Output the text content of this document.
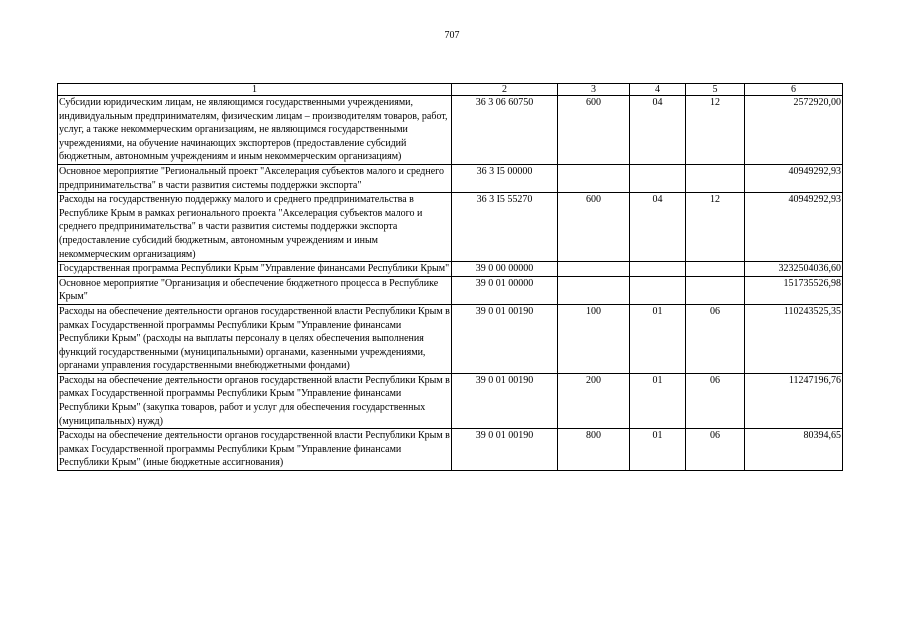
707
1	2	3	4	5	6
Субсидии юридическим лицам, не являющимся государственными учреждениями, индивидуальным предпринимателям, физическим лицам – производителям товаров, работ, услуг, а также некоммерческим организациям, не являющимся государственными учреждениями, на обучение начинающих экспортеров (предоставление субсидий бюджетным, автономным учреждениям и иным некоммерческим организациям)	36 3 06 60750	600	04	12	2572920,00
Основное мероприятие "Региональный проект "Акселерация субъектов малого и среднего предпринимательства" в части развития системы поддержки экспорта"	36 3 I5 00000				40949292,93
Расходы на государственную поддержку малого и среднего предпринимательства в Республике Крым в рамках регионального проекта "Акселерация субъектов малого и среднего предпринимательства" в части развития системы поддержки экспорта (предоставление субсидий бюджетным, автономным учреждениям и иным некоммерческим организациям)	36 3 I5 55270	600	04	12	40949292,93
Государственная программа Республики Крым "Управление финансами Республики Крым"	39 0 00 00000				3232504036,60
Основное мероприятие "Организация и обеспечение бюджетного процесса в Республике Крым"	39 0 01 00000				151735526,98
Расходы на обеспечение деятельности органов государственной власти Республики Крым в рамках Государственной программы Республики Крым "Управление финансами Республики Крым" (расходы на выплаты персоналу в целях обеспечения выполнения функций государственными (муниципальными) органами, казенными учреждениями, органами управления государственными внебюджетными фондами)	39 0 01 00190	100	01	06	110243525,35
Расходы на обеспечение деятельности органов государственной власти Республики Крым в рамках Государственной программы Республики Крым "Управление финансами Республики Крым" (закупка товаров, работ и услуг для обеспечения государственных (муниципальных) нужд)	39 0 01 00190	200	01	06	11247196,76
Расходы на обеспечение деятельности органов государственной власти Республики Крым в рамках Государственной программы Республики Крым "Управление финансами Республики Крым" (иные бюджетные ассигнования)	39 0 01 00190	800	01	06	80394,65
